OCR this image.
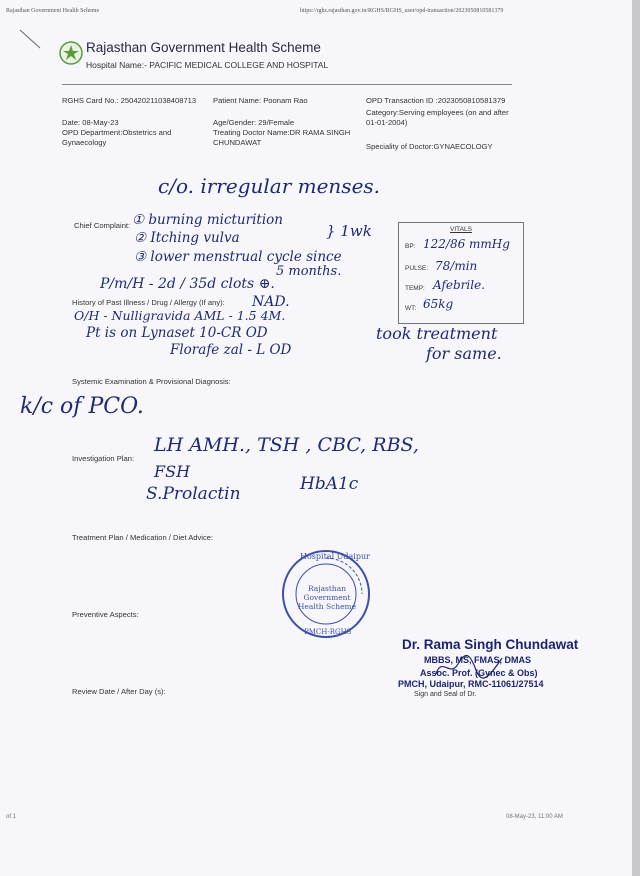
Rajasthan Government Health Scheme	https://rghs.rajasthan.gov.in/RGHS/RGHS_user/opd-transaction/2023050810581379
Rajasthan Government Health Scheme
Hospital Name:- PACIFIC MEDICAL COLLEGE AND HOSPITAL
RGHS Card No.: 250420211038408713	Patient Name: Poonam Rao	OPD Transaction ID :2023050810581379
Date: 08-May-23	Age/Gender: 29/Female
Category:Serving employees (on and after 01-01-2004)
OPD Department:Obstetrics and Gynaecology
Treating Doctor Name:DR RAMA SINGH CHUNDAWAT	Speciality of Doctor:GYNAECOLOGY
Chief Complaint:
History of Past Illness / Drug / Allergy (If any):
Systemic Examination & Provisional Diagnosis:
Investigation Plan:
Treatment Plan / Medication / Diet Advice:
Preventive Aspects:
Review Date / After Day (s):
VITALS
BP: 122/86 mmHg
PULSE: 78/min
TEMP: Afebrile.
WT: 65kg
c/o. irregular menses.
① burning micturition
② Itching vulva
③ lower menstrual cycle since
} 1wk
5 months.
P/m/H - 2d / 35d clots ⊕.
NAD.
O/H - Nulligravida AML - 1.5 4M.
Pt is on Lynaset 10-CR OD
Florafe zal - L OD
took treatment
for same.
k/c of PCO.
LH AMH., TSH , CBC, RBS,
FSH
S.Prolactin	HbA1c
Hospital Udaipur
Rajasthan Government Health Scheme
PMCH-RGHS
Dr. Rama Singh Chundawat
MBBS, MS, FMAS, DMAS
Assoc. Prof. (Gynec & Obs)
PMCH, Udaipur, RMC-11061/27514
Sign and Seal of Dr.
of 1	08-May-23, 11:00 AM
